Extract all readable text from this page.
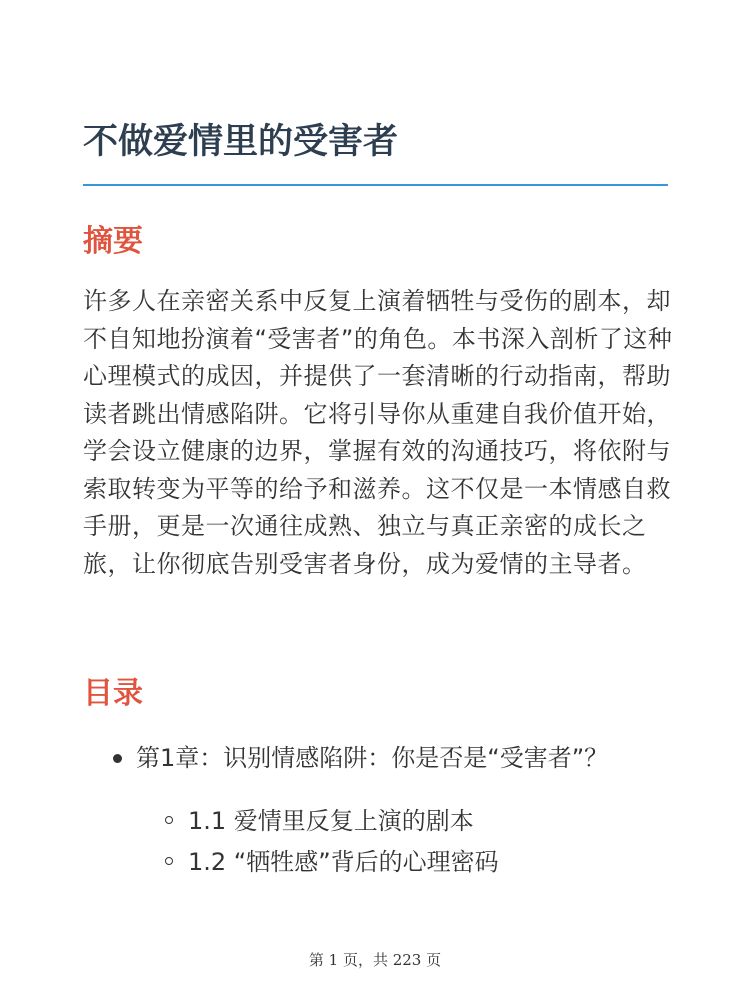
不做爱情里的受害者
摘要

许多人在亲密关系中反复上演着牺牲与受伤的剧本，却不自知地扮演着“受害者”的角色。本书深入剖析了这种心理模式的成因，并提供了一套清晰的行动指南，帮助读者跳出情感陷阱。它将引导你从重建自我价值开始，学会设立健康的边界，掌握有效的沟通技巧，将依附与索取转变为平等的给予和滋养。这不仅是一本情感自救手册，更是一次通往成熟、独立与真正亲密的成长之旅，让你彻底告别受害者身份，成为爱情的主导者。

目录
第1章：识别情感陷阱：你是否是“受害者”？
1.1 爱情里反复上演的剧本
1.2 “牺牲感”背后的心理密码
第 1 页，共 223 页
